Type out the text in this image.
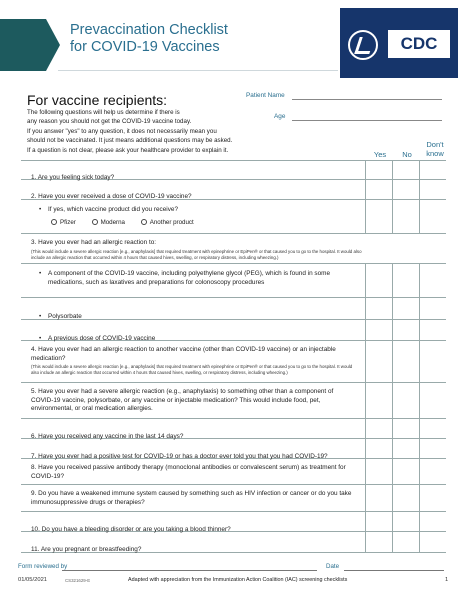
Prevaccination Checklist
for COVID-19 Vaccines	CDC
For vaccine recipients:
The following questions will help us determine if there is
any reason you should not get the COVID-19 vaccine today.
If you answer "yes" to any question, it does not necessarily mean you
should not be vaccinated. It just means additional questions may be asked.
If a question is not clear, please ask your healthcare provider to explain it.
Patient Name
Age
Yes	No
Don't
know
1. Are you feeling sick today?
2. Have you ever received a dose of COVID-19 vaccine?
• If yes, which vaccine product did you receive?
Pfizer	Moderna	Another product
3. Have you ever had an allergic reaction to:
(This would include a severe allergic reaction [e.g., anaphylaxis] that required treatment with epinephrine or EpiPen® or that caused you to go to the hospital. It would also include an allergic reaction that occurred within 4 hours that caused hives, swelling, or respiratory distress, including wheezing.)
•	A component of the COVID-19 vaccine, including polyethylene glycol (PEG), which is found in some medications, such as laxatives and preparations for colonoscopy procedures
• Polysorbate
• A previous dose of COVID-19 vaccine
4. Have you ever had an allergic reaction to another vaccine (other than COVID-19 vaccine) or an injectable medication?
(This would include a severe allergic reaction [e.g., anaphylaxis] that required treatment with epinephrine or EpiPen® or that caused you to go to the hospital. It would also include an allergic reaction that occurred within 4 hours that caused hives, swelling, or respiratory distress, including wheezing.)
5. Have you ever had a severe allergic reaction (e.g., anaphylaxis) to something other than a component of COVID-19 vaccine, polysorbate, or any vaccine or injectable medication? This would include food, pet, environmental, or oral medication allergies.
6. Have you received any vaccine in the last 14 days?
7. Have you ever had a positive test for COVID-19 or has a doctor ever told you that you had COVID-19?
8. Have you received passive antibody therapy (monoclonal antibodies or convalescent serum) as treatment for COVID-19?
9. Do you have a weakened immune system caused by something such as HIV infection or cancer or do you take immunosuppressive drugs or therapies?
10. Do you have a bleeding disorder or are you taking a blood thinner?
11. Are you pregnant or breastfeeding?
Form reviewed by	Date
01/05/2021	CS321629-E	Adapted with appreciation from the Immunization Action Coalition (IAC) screening checklists	1
